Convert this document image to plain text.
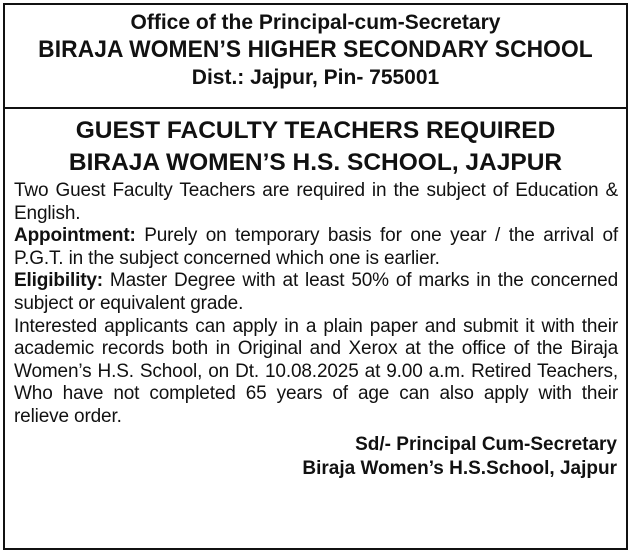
Office of the Principal-cum-Secretary
BIRAJA WOMEN’S HIGHER SECONDARY SCHOOL
Dist.: Jajpur, Pin- 755001
GUEST FACULTY TEACHERS REQUIRED
BIRAJA WOMEN’S H.S. SCHOOL, JAJPUR

Two Guest Faculty Teachers are required in the subject of Education & English.

Appointment: Purely on temporary basis for one year / the arrival of P.G.T. in the subject concerned which one is earlier.

Eligibility: Master Degree with at least 50% of marks in the concerned subject or equivalent grade.

Interested applicants can apply in a plain paper and submit it with their academic records both in Original and Xerox at the office of the Biraja Women’s H.S. School, on Dt. 10.08.2025 at 9.00 a.m. Retired Teachers, Who have not completed 65 years of age can also apply with their relieve order.

Sd/- Principal Cum-Secretary
Biraja Women’s H.S.School, Jajpur
